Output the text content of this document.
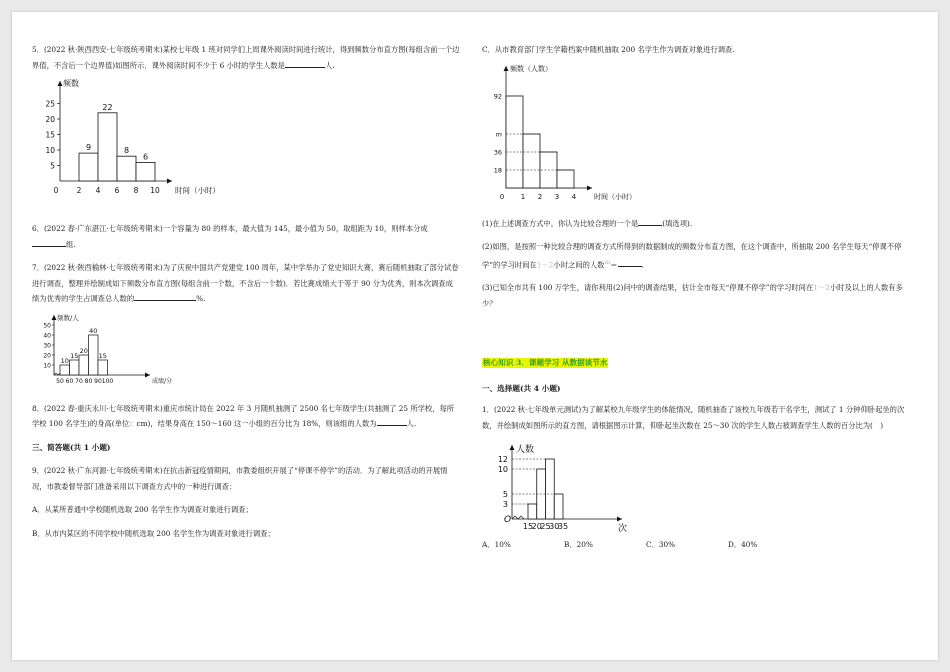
5．(2022 秋·陕西西安·七年级统考期末)某校七年级 1 班对同学们上周课外阅读时间进行统计，得到频数分布直方图(每组含前一个边界值，不含后一个边界值)如图所示．课外阅读时间不少于 6 小时的学生人数是	人.

频数
5
10
15
20
25
0 2 4 6 8 10 时间（小时）
9
22
8
6

6．(2022 春·广东湛江·七年级统考期末)一个容量为 80 的样本，最大值为 145，最小值为 50，取组距为 10，则样本分成组.

7．(2022 秋·陕西榆林·七年级统考期末)为了庆祝中国共产党建党 100 周年，某中学举办了党史知识大赛，赛后随机抽取了部分试卷进行调查，整理并绘制成如下频数分布直方图(每组含前一个数，不含后一个数)．若比赛成绩大于等于 90 分为优秀，则本次调查成绩为优秀的学生占调查总人数的	%.

频数/人
10
20
30
40
50
50 60 70 80 90 100	成绩/分
10
15
20
40
15

8．(2022 春·重庆永川·七年级统考期末)重庆市统计局在 2022 年 3 月随机抽测了 2500 名七年级学生(共抽测了 25 所学校，每所学校 100 名学生)的身高(单位：cm)，结果身高在 150～160 这一小组的百分比为 18%，则该组的人数为	人.

三、简答题(共 1 小题)

9．(2022 秋·广东河源·七年级统考期末)在抗击新冠疫情期间，市教委组织开展了“停课不停学”的活动．为了解此项活动的开展情况，市教委督导部门准备采用以下调查方式中的一种进行调查：

A．从某所普通中学校随机选取 200 名学生作为调查对象进行调查；

B．从市内某区的不同学校中随机选取 200 名学生作为调查对象进行调查；

C．从市教育部门学生学籍档案中随机抽取 200 名学生作为调查对象进行调查.

频数（人数）
18
36
m
92
0 1 2 3 4	时间（小时）

(1)在上述调查方式中，你认为比较合理的一个是	(填选项).

(2)如图，是按照一种比较合理的调查方式所得到的数据制成的频数分布直方图，在这个调查中，所抽取 200 名学生每天“停课不停学”的学习时间在1～2小时之间的人数$^m$＝	.

(3)已知全市共有 100 万学生，请你利用(2)问中的调查结果，估计全市每天“停课不停学”的学习时间在1～2小时及以上的人数有多少？

核心知识 3．课题学习 从数据谈节水

一、选择题(共 4 小题)

1．(2022 秋·七年级单元测试)为了解某校九年级学生的体能情况，随机抽查了该校九年级若干名学生，测试了 1 分钟仰卧起坐的次数，并绘制成如图所示的直方图，请根据图示计算，仰卧起坐次数在 25～30 次的学生人数占被调查学生人数的百分比为(　)

人数
3
5
10
12
O
15
20
25
30
35	次

A．10%	B．20%	C．30%	D．40%
